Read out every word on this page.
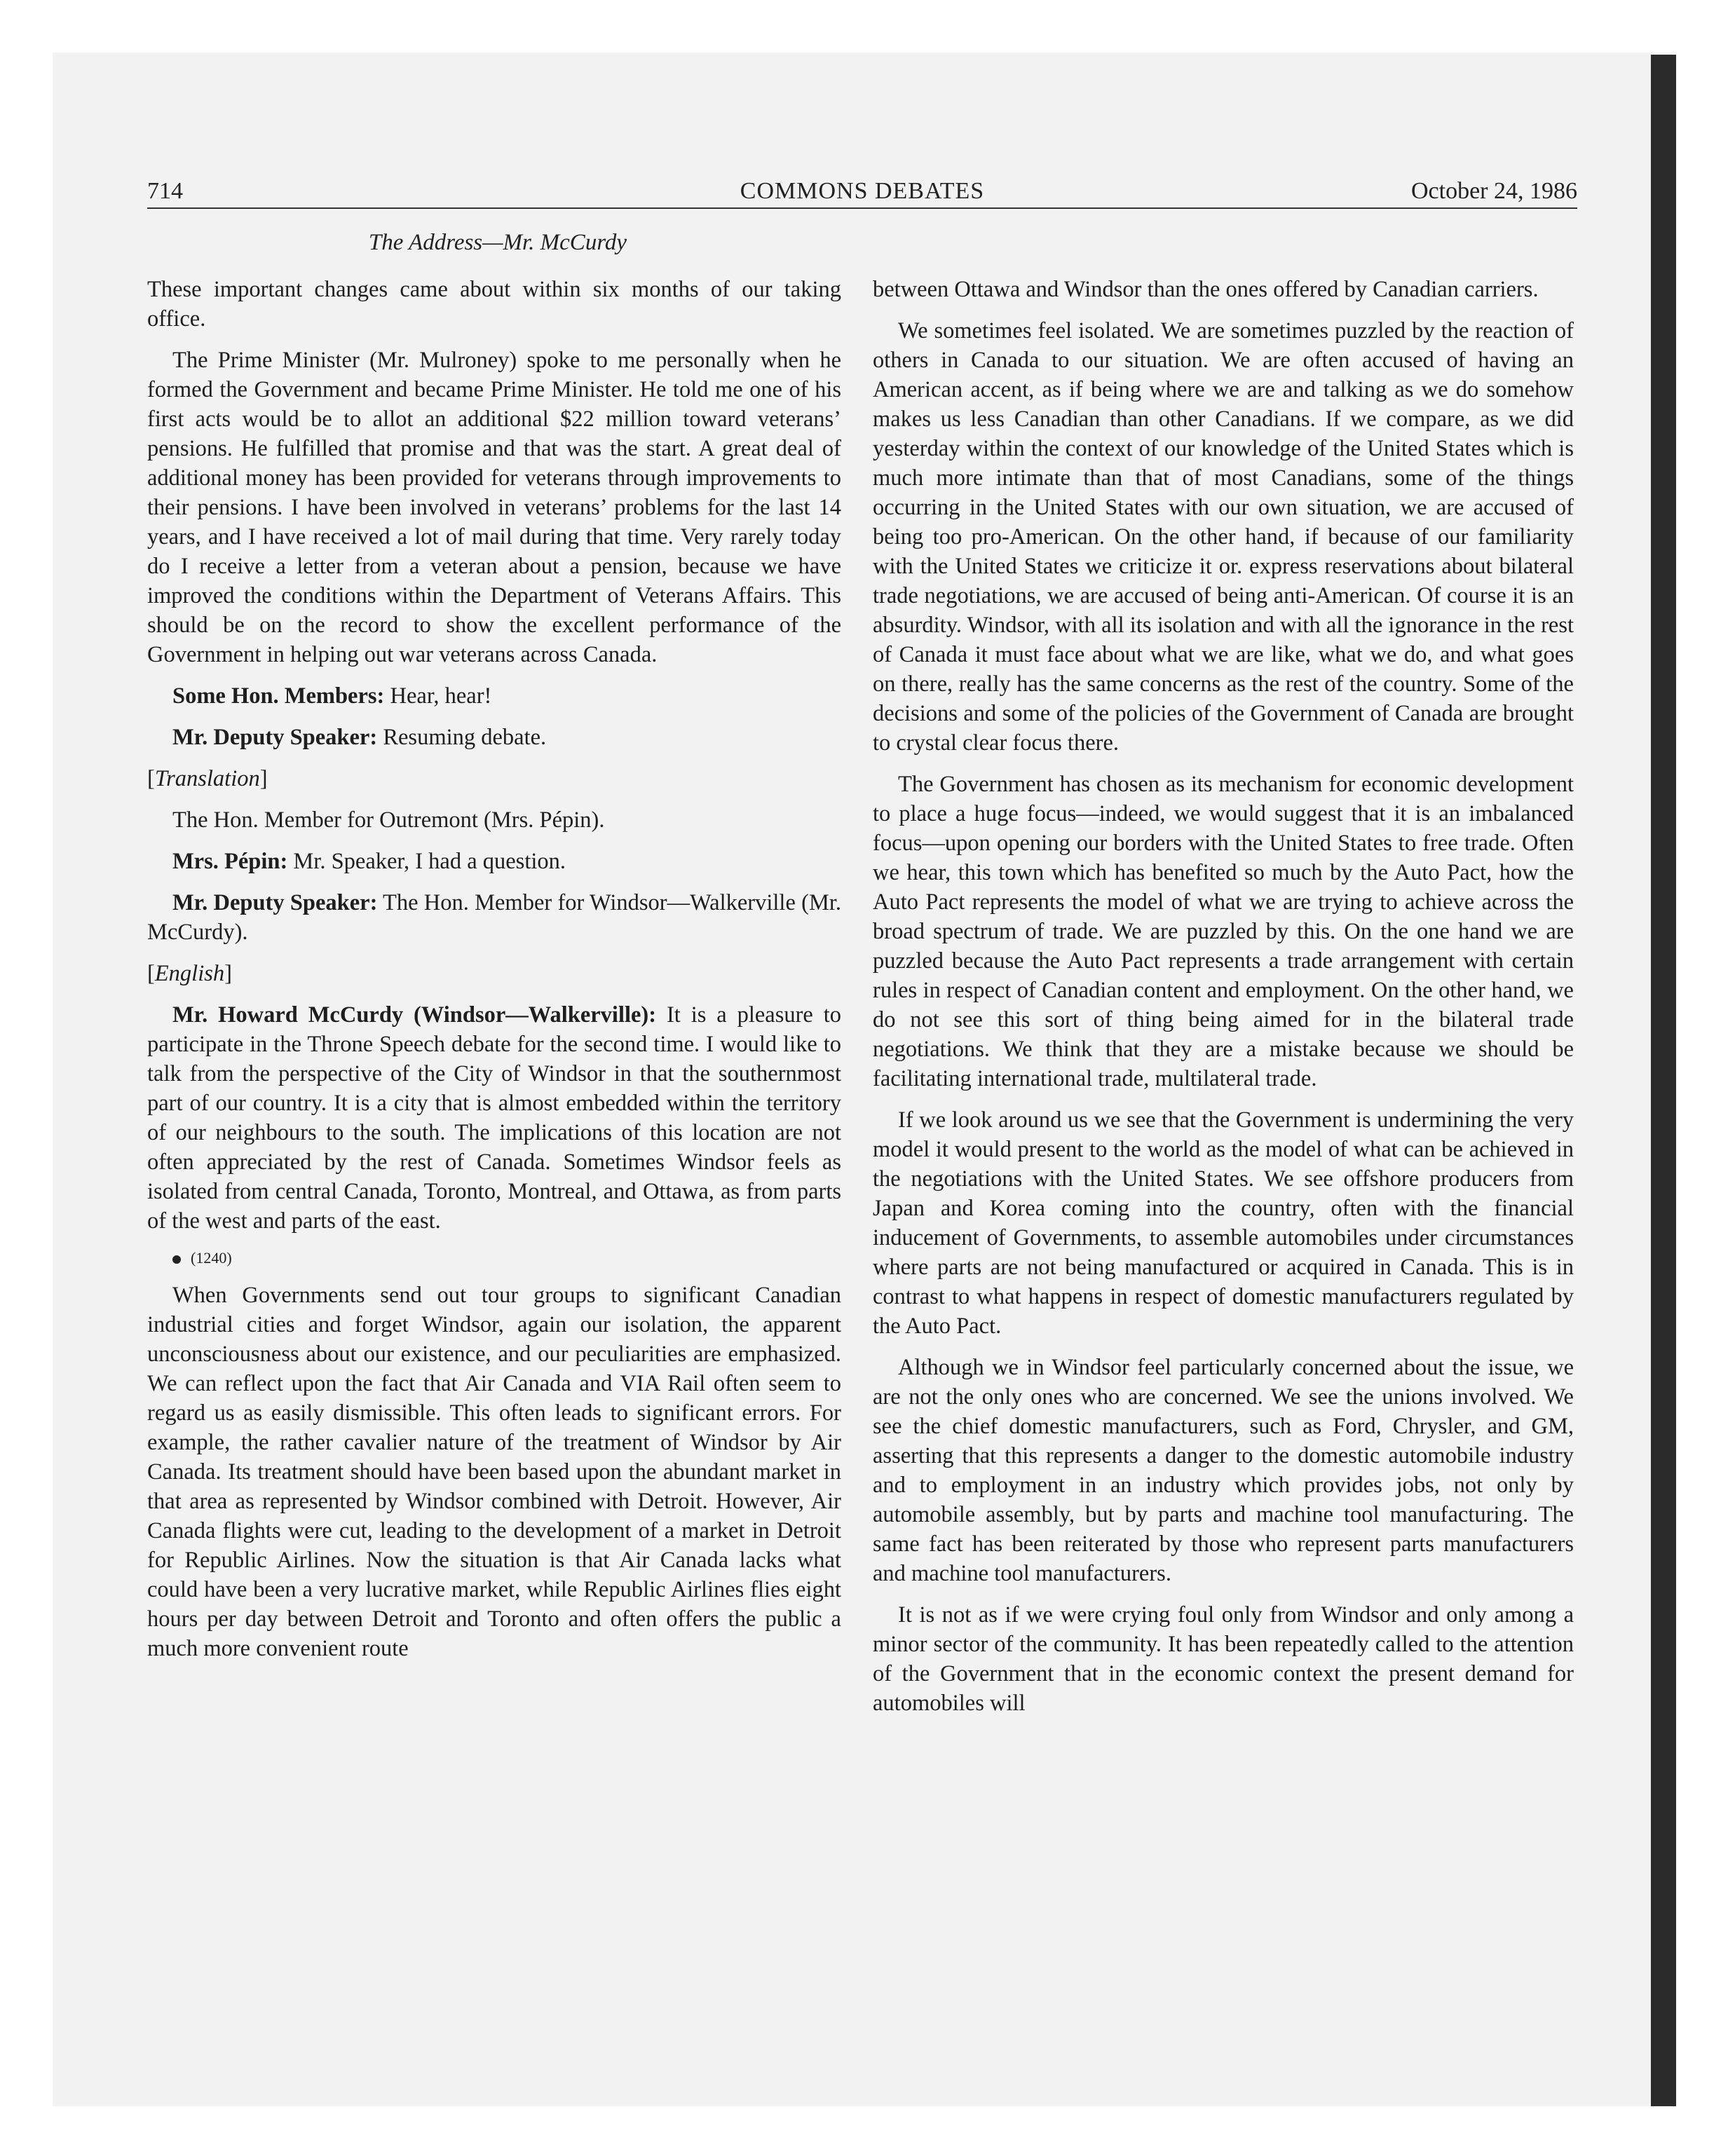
714	COMMONS DEBATES	October 24, 1986
The Address—Mr. McCurdy

These important changes came about within six months of our taking office.

The Prime Minister (Mr. Mulroney) spoke to me personally when he formed the Government and became Prime Minister. He told me one of his first acts would be to allot an additional $22 million toward veterans’ pensions. He fulfilled that promise and that was the start. A great deal of additional money has been provided for veterans through improvements to their pensions. I have been involved in veterans’ problems for the last 14 years, and I have received a lot of mail during that time. Very rarely today do I receive a letter from a veteran about a pension, because we have improved the conditions within the Department of Veterans Affairs. This should be on the record to show the excellent performance of the Government in helping out war veterans across Canada.

Some Hon. Members: Hear, hear!

Mr. Deputy Speaker: Resuming debate.

[Translation]

The Hon. Member for Outremont (Mrs. Pépin).

Mrs. Pépin: Mr. Speaker, I had a question.

Mr. Deputy Speaker: The Hon. Member for Windsor—Walkerville (Mr. McCurdy).

[English]

Mr. Howard McCurdy (Windsor—Walkerville): It is a pleasure to participate in the Throne Speech debate for the second time. I would like to talk from the perspective of the City of Windsor in that the southernmost part of our country. It is a city that is almost embedded within the territory of our neighbours to the south. The implications of this location are not often appreciated by the rest of Canada. Sometimes Windsor feels as isolated from central Canada, Toronto, Montreal, and Ottawa, as from parts of the west and parts of the east.

(1240)

When Governments send out tour groups to significant Canadian industrial cities and forget Windsor, again our isolation, the apparent unconsciousness about our existence, and our peculiarities are emphasized. We can reflect upon the fact that Air Canada and VIA Rail often seem to regard us as easily dismissible. This often leads to significant errors. For example, the rather cavalier nature of the treatment of Windsor by Air Canada. Its treatment should have been based upon the abundant market in that area as represented by Windsor combined with Detroit. However, Air Canada flights were cut, leading to the development of a market in Detroit for Republic Airlines. Now the situation is that Air Canada lacks what could have been a very lucrative market, while Republic Airlines flies eight hours per day between Detroit and Toronto and often offers the public a much more convenient route

between Ottawa and Windsor than the ones offered by Canadian carriers.

We sometimes feel isolated. We are sometimes puzzled by the reaction of others in Canada to our situation. We are often accused of having an American accent, as if being where we are and talking as we do somehow makes us less Canadian than other Canadians. If we compare, as we did yesterday within the context of our knowledge of the United States which is much more intimate than that of most Canadians, some of the things occurring in the United States with our own situation, we are accused of being too pro-American. On the other hand, if because of our familiarity with the United States we criticize it or. express reservations about bilateral trade negotiations, we are accused of being anti-American. Of course it is an absurdity. Windsor, with all its isolation and with all the ignorance in the rest of Canada it must face about what we are like, what we do, and what goes on there, really has the same concerns as the rest of the country. Some of the decisions and some of the policies of the Government of Canada are brought to crystal clear focus there.

The Government has chosen as its mechanism for economic development to place a huge focus—indeed, we would suggest that it is an imbalanced focus—upon opening our borders with the United States to free trade. Often we hear, this town which has benefited so much by the Auto Pact, how the Auto Pact represents the model of what we are trying to achieve across the broad spectrum of trade. We are puzzled by this. On the one hand we are puzzled because the Auto Pact represents a trade arrangement with certain rules in respect of Canadian content and employment. On the other hand, we do not see this sort of thing being aimed for in the bilateral trade negotiations. We think that they are a mistake because we should be facilitating international trade, multilateral trade.

If we look around us we see that the Government is undermining the very model it would present to the world as the model of what can be achieved in the negotiations with the United States. We see offshore producers from Japan and Korea coming into the country, often with the financial inducement of Governments, to assemble automobiles under circumstances where parts are not being manufactured or acquired in Canada. This is in contrast to what happens in respect of domestic manufacturers regulated by the Auto Pact.

Although we in Windsor feel particularly concerned about the issue, we are not the only ones who are concerned. We see the unions involved. We see the chief domestic manufacturers, such as Ford, Chrysler, and GM, asserting that this represents a danger to the domestic automobile industry and to employment in an industry which provides jobs, not only by automobile assembly, but by parts and machine tool manufacturing. The same fact has been reiterated by those who represent parts manufacturers and machine tool manufacturers.

It is not as if we were crying foul only from Windsor and only among a minor sector of the community. It has been repeatedly called to the attention of the Government that in the economic context the present demand for automobiles will
